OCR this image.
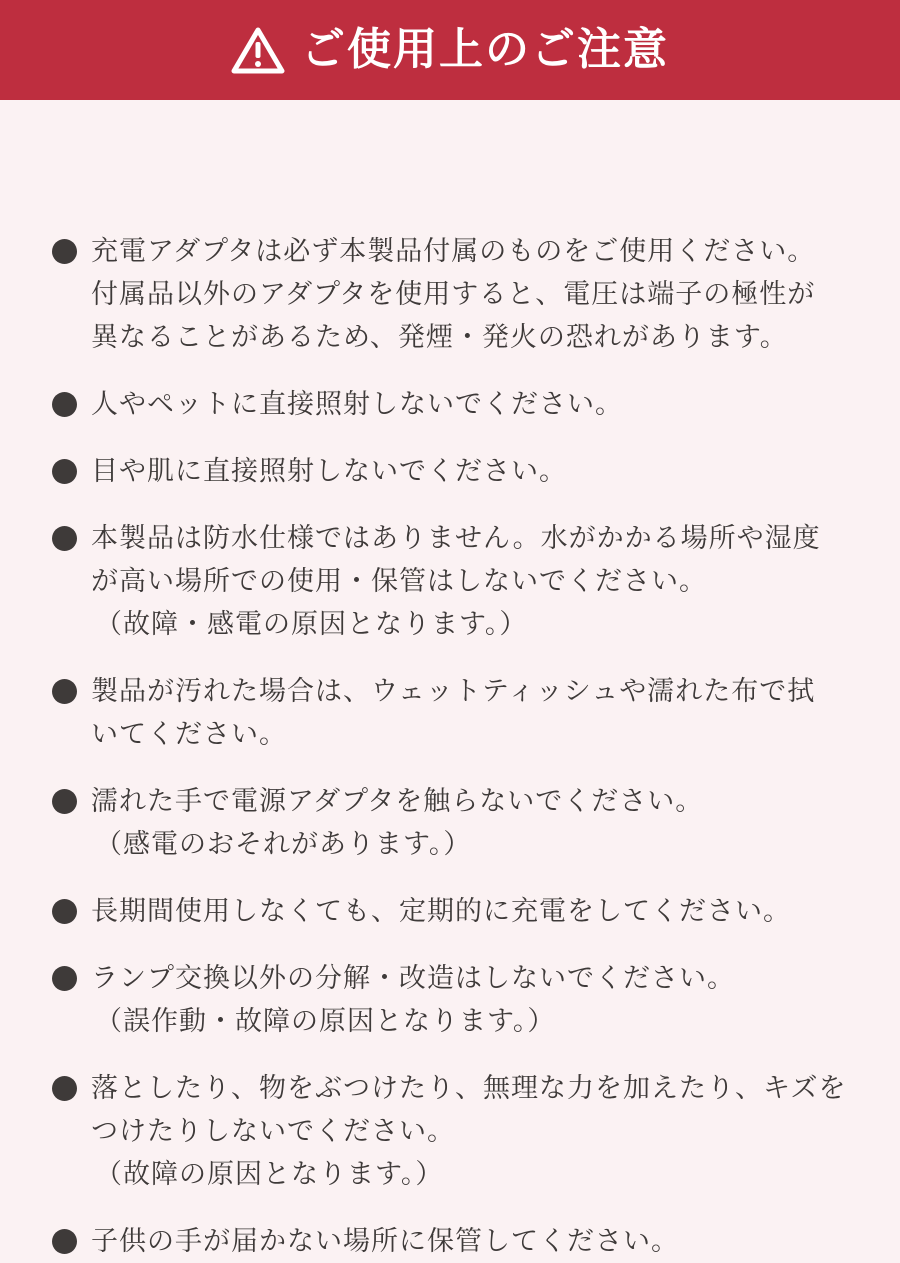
ご使用上のご注意
充電アダプタは必ず本製品付属のものをご使用ください。
付属品以外のアダプタを使用すると、電圧は端子の極性が
異なることがあるため、発煙・発火の恐れがあります。
人やペットに直接照射しないでください。
目や肌に直接照射しないでください。
本製品は防水仕様ではありません。水がかかる場所や湿度
が高い場所での使用・保管はしないでください。
（故障・感電の原因となります。）
製品が汚れた場合は、ウェットティッシュや濡れた布で拭
いてください。
濡れた手で電源アダプタを触らないでください。
（感電のおそれがあります。）
長期間使用しなくても、定期的に充電をしてください。
ランプ交換以外の分解・改造はしないでください。
（誤作動・故障の原因となります。）
落としたり、物をぶつけたり、無理な力を加えたり、キズを
つけたりしないでください。
（故障の原因となります。）
子供の手が届かない場所に保管してください。
